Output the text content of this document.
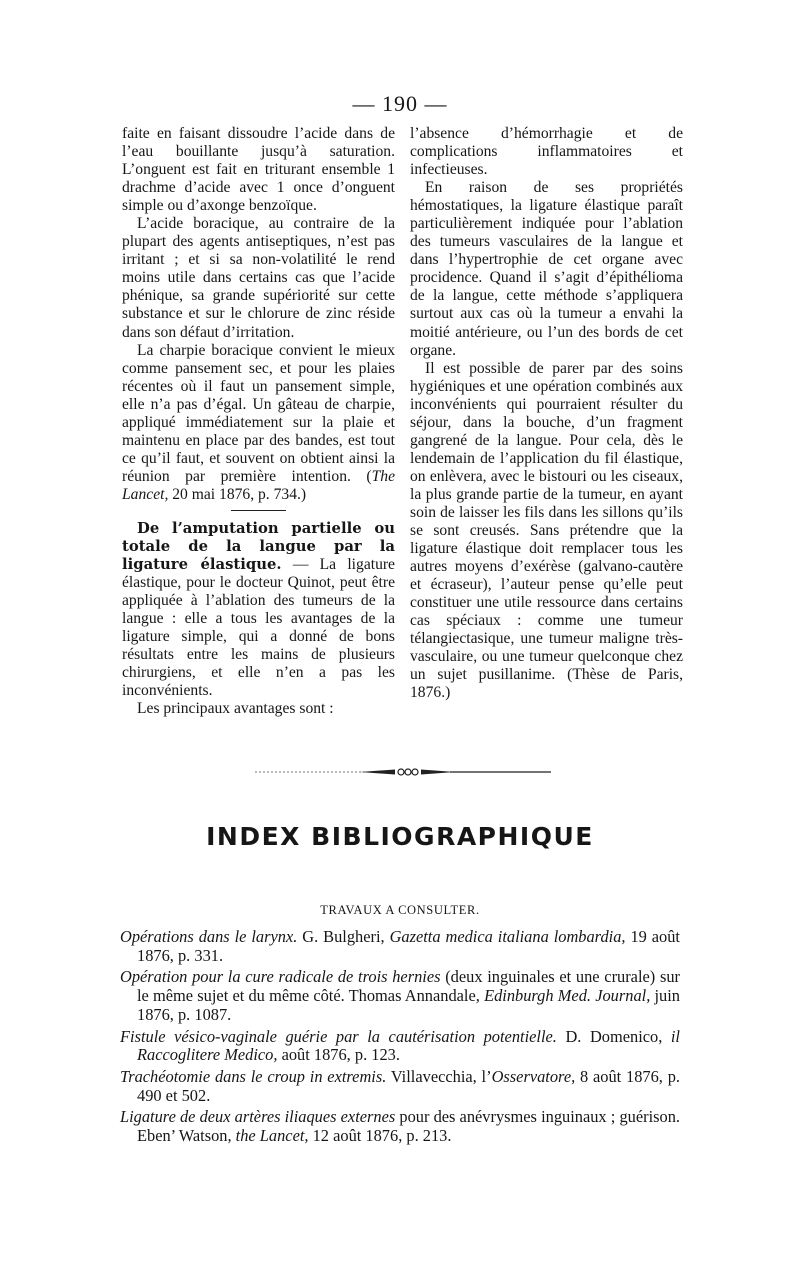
— 190 —

faite en faisant dissoudre l’acide dans de l’eau bouillante jusqu’à saturation. L’onguent est fait en triturant ensemble 1 drachme d’acide avec 1 once d’onguent simple ou d’axonge benzoïque.

L’acide boracique, au contraire de la plupart des agents antiseptiques, n’est pas irritant ; et si sa non-volatilité le rend moins utile dans certains cas que l’acide phénique, sa grande supériorité sur cette substance et sur le chlorure de zinc réside dans son défaut d’irritation.

La charpie boracique convient le mieux comme pansement sec, et pour les plaies récentes où il faut un pansement simple, elle n’a pas d’égal. Un gâteau de charpie, appliqué immédiatement sur la plaie et maintenu en place par des bandes, est tout ce qu’il faut, et souvent on obtient ainsi la réunion par première intention. (The Lancet, 20 mai 1876, p. 734.)

De l’amputation partielle ou totale de la langue par la ligature élastique. — La ligature élastique, pour le docteur Quinot, peut être appliquée à l’ablation des tumeurs de la langue : elle a tous les avantages de la ligature simple, qui a donné de bons résultats entre les mains de plusieurs chirurgiens, et elle n’en a pas les inconvénients.

Les principaux avantages sont :

l’absence d’hémorrhagie et de complications inflammatoires et infectieuses.

En raison de ses propriétés hémostatiques, la ligature élastique paraît particulièrement indiquée pour l’ablation des tumeurs vasculaires de la langue et dans l’hypertrophie de cet organe avec procidence. Quand il s’agit d’épithélioma de la langue, cette méthode s’appliquera surtout aux cas où la tumeur a envahi la moitié antérieure, ou l’un des bords de cet organe.

Il est possible de parer par des soins hygiéniques et une opération combinés aux inconvénients qui pourraient résulter du séjour, dans la bouche, d’un fragment gangrené de la langue. Pour cela, dès le lendemain de l’application du fil élastique, on enlèvera, avec le bistouri ou les ciseaux, la plus grande partie de la tumeur, en ayant soin de laisser les fils dans les sillons qu’ils se sont creusés. Sans prétendre que la ligature élastique doit remplacer tous les autres moyens d’exérèse (galvano-cautère et écraseur), l’auteur pense qu’elle peut constituer une utile ressource dans certains cas spéciaux : comme une tumeur télangiectasique, une tumeur maligne très-vasculaire, ou une tumeur quelconque chez un sujet pusillanime. (Thèse de Paris, 1876.)

INDEX BIBLIOGRAPHIQUE
TRAVAUX A CONSULTER.

Opérations dans le larynx. G. Bulgheri, Gazetta medica italiana lombardia, 19 août 1876, p. 331.

Opération pour la cure radicale de trois hernies (deux inguinales et une crurale) sur le même sujet et du même côté. Thomas Annandale, Edinburgh Med. Journal, juin 1876, p. 1087.

Fistule vésico-vaginale guérie par la cautérisation potentielle. D. Domenico, il Raccoglitere Medico, août 1876, p. 123.

Trachéotomie dans le croup in extremis. Villavecchia, l’Osservatore, 8 août 1876, p. 490 et 502.

Ligature de deux artères iliaques externes pour des anévrysmes inguinaux ; guérison. Eben’ Watson, the Lancet, 12 août 1876, p. 213.
